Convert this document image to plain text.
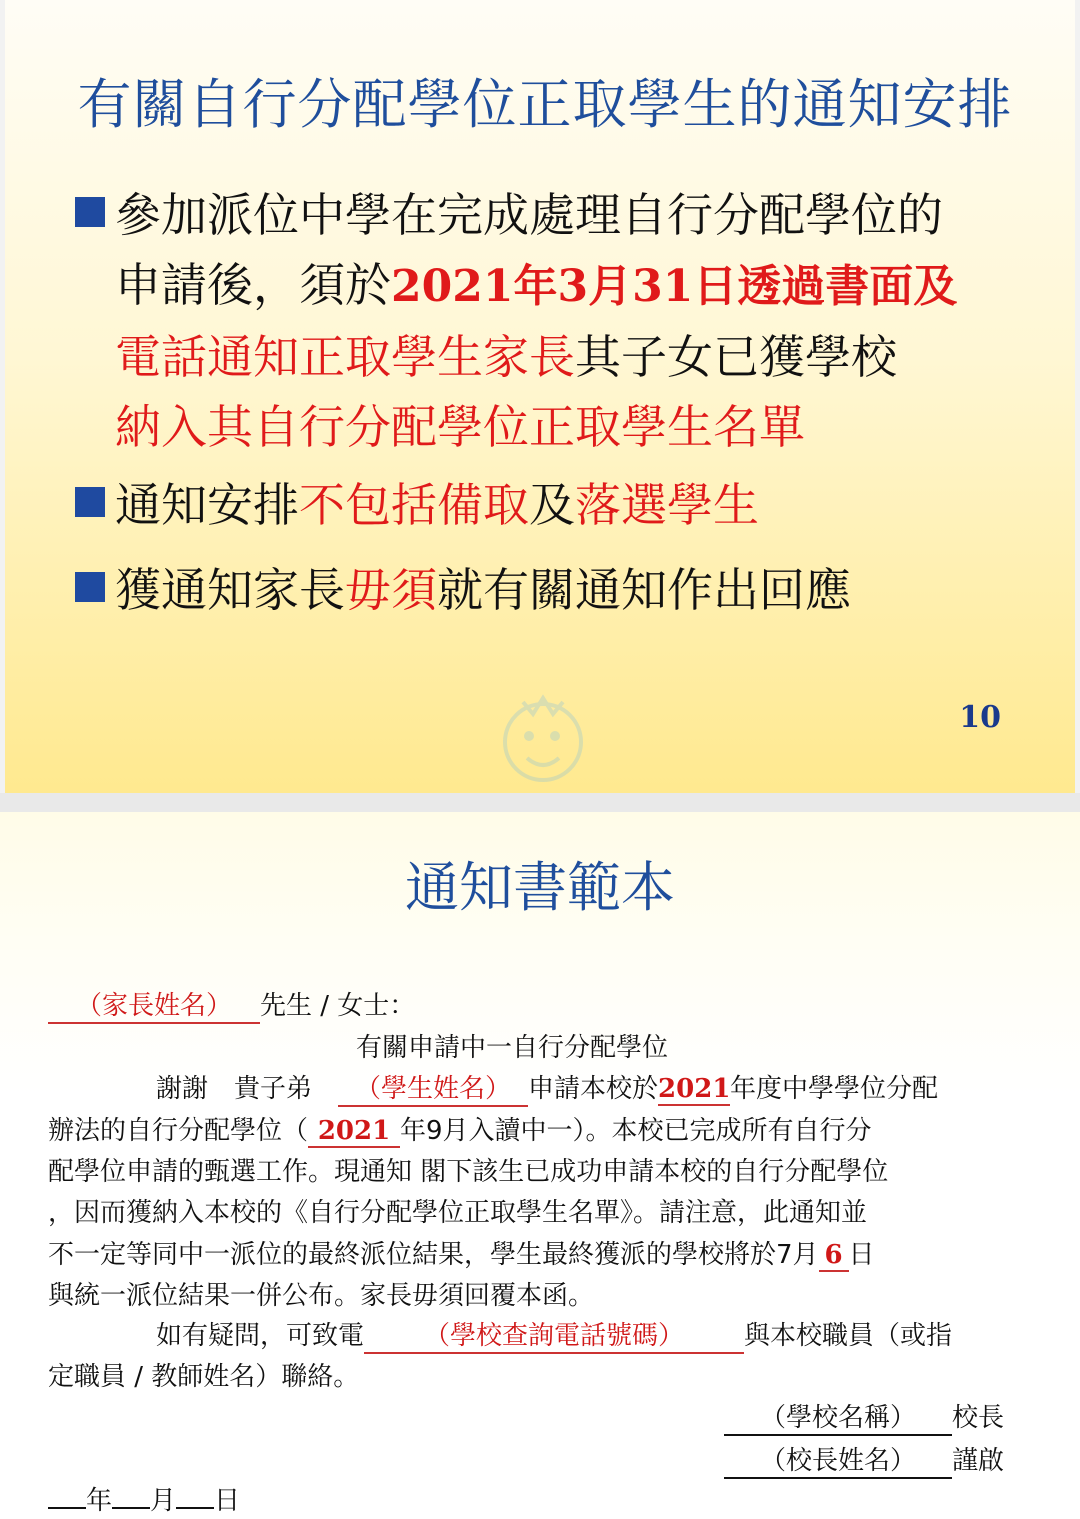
有關自行分配學位正取學生的通知安排
參加派位中學在完成處理自行分配學位的
申請後，須於2021年3月31日透過書面及
電話通知正取學生家長其子女已獲學校
納入其自行分配學位正取學生名單
通知安排不包括備取及落選學生
獲通知家長毋須就有關通知作出回應
10
通知書範本
（家長姓名） 先生 / 女士：
有關申請中一自行分配學位
謝謝　貴子弟　 （學生姓名） 申請本校於2021年度中學學位分配
辦法的自行分配學位（ 2021 年9月入讀中一）。本校已完成所有自行分
配學位申請的甄選工作。現通知 閣下該生已成功申請本校的自行分配學位
，因而獲納入本校的《自行分配學位正取學生名單》。請注意，此通知並
不一定等同中一派位的最終派位結果，學生最終獲派的學校將於7月 6 日
與統一派位結果一併公布。家長毋須回覆本函。
如有疑問，可致電 （學校查詢電話號碼） 與本校職員（或指
定職員 / 教師姓名）聯絡。
（學校名稱） 校長
（校長姓名） 謹啟
年 月 日
